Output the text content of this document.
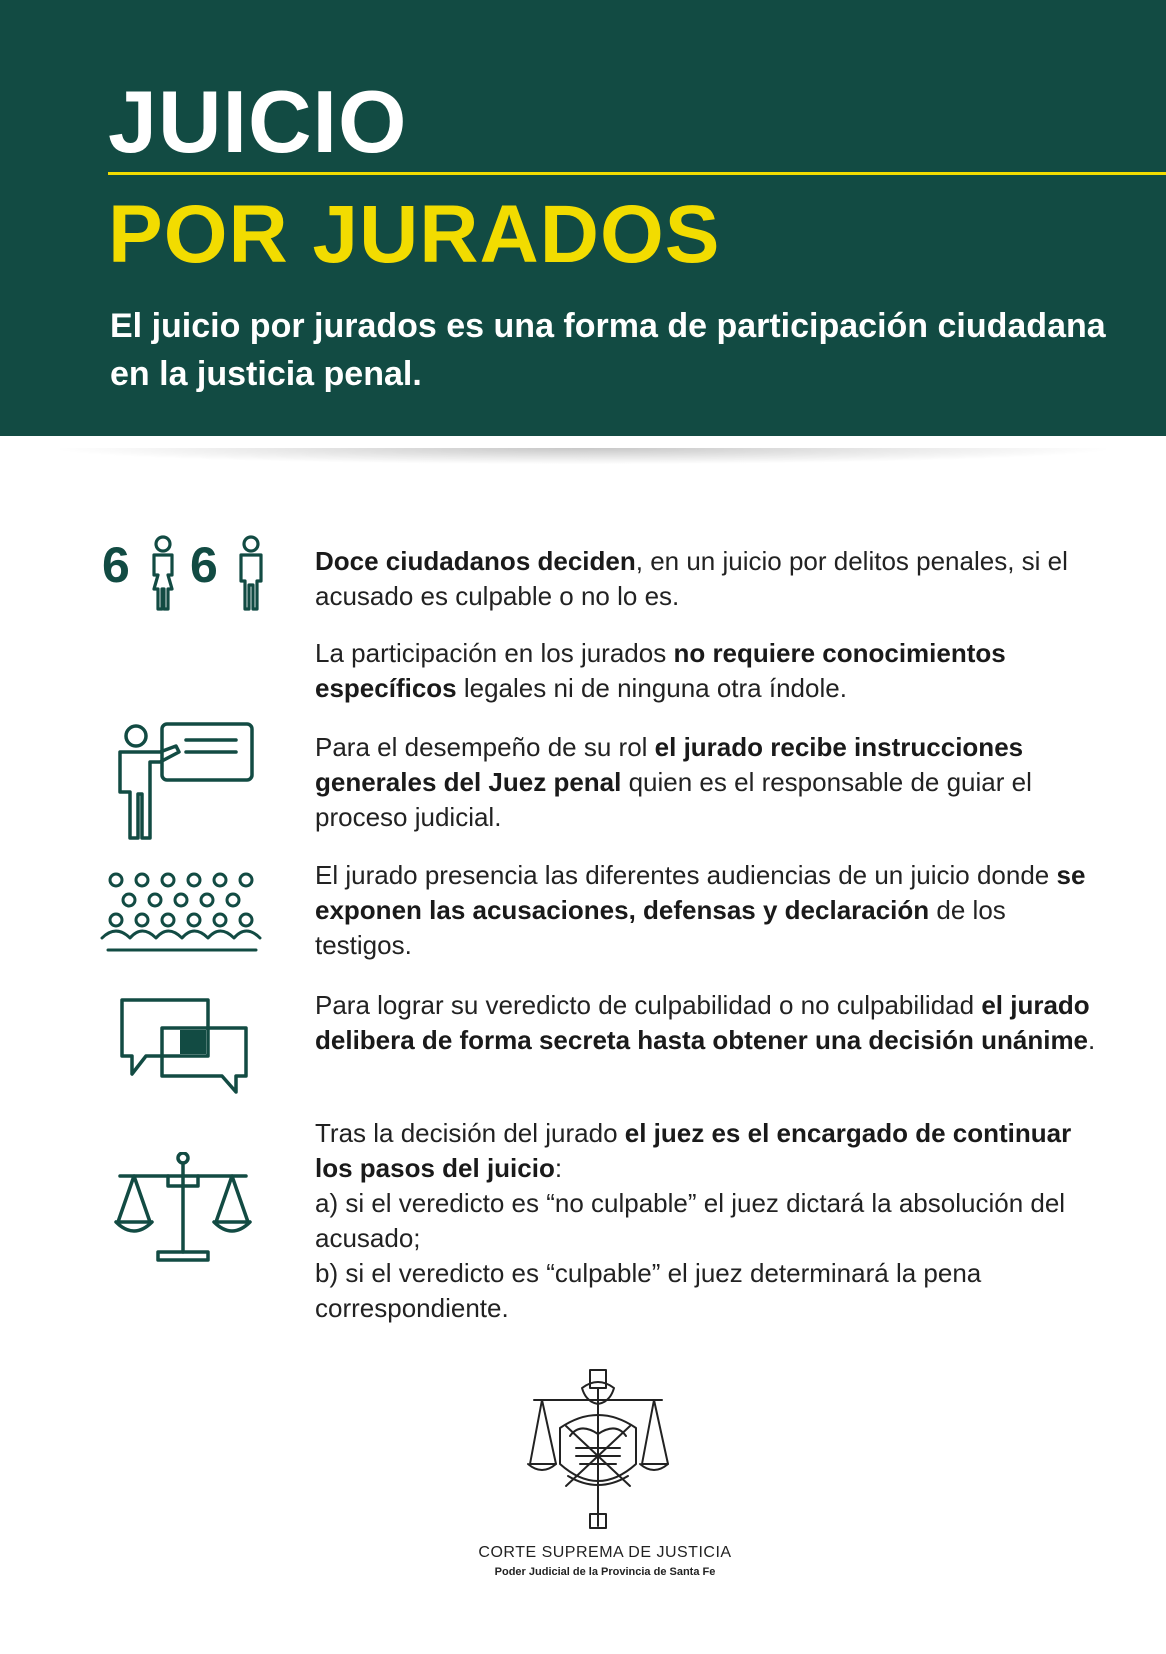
JUICIO
POR JURADOS
El juicio por jurados es una forma de participación ciudadana en la justicia penal.
6 6	Doce ciudadanos deciden, en un juicio por delitos penales, si el acusado es culpable o no lo es.
La participación en los jurados no requiere conocimientos específicos legales ni de ninguna otra índole.
Para el desempeño de su rol el jurado recibe instrucciones generales del Juez penal quien es el responsable de guiar el proceso judicial.
El jurado presencia las diferentes audiencias de un juicio donde se exponen las acusaciones, defensas y declaración de los testigos.
Para lograr su veredicto de culpabilidad o no culpabilidad el jurado delibera de forma secreta hasta obtener una decisión unánime.
Tras la decisión del jurado el juez es el encargado de continuar los pasos del juicio:
a) si el veredicto es “no culpable” el juez dictará la absolución del acusado;
b) si el veredicto es “culpable” el juez determinará la pena correspondiente.
CORTE SUPREMA DE JUSTICIA
Poder Judicial de la Provincia de Santa Fe
